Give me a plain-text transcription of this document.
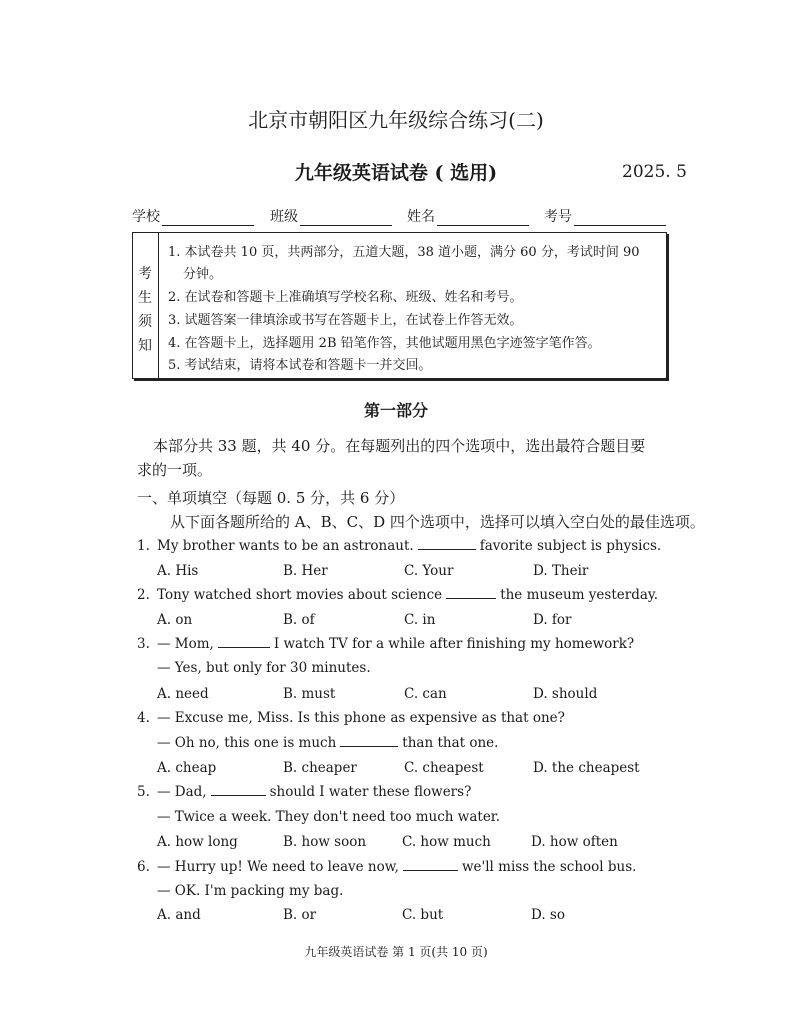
北京市朝阳区九年级综合练习(二)
九年级英语试卷 ( 选用)	2025. 5
学校	班级	姓名	考号
考
生
须
知
1. 本试卷共 10 页，共两部分，五道大题，38 道小题，满分 60 分，考试时间 90
分钟。
2. 在试卷和答题卡上准确填写学校名称、班级、姓名和考号。
3. 试题答案一律填涂或书写在答题卡上，在试卷上作答无效。
4. 在答题卡上，选择题用 2B 铅笔作答，其他试题用黑色字迹签字笔作答。
5. 考试结束，请将本试卷和答题卡一并交回。
第一部分
本部分共 33 题，共 40 分。在每题列出的四个选项中，选出最符合题目要
求的一项。
一、单项填空（每题 0. 5 分，共 6 分）
从下面各题所给的 A、B、C、D 四个选项中，选择可以填入空白处的最佳选项。
1. My brother wants to be an astronaut.	favorite subject is physics.
A. His	B. Her	C. Your	D. Their
2. Tony watched short movies about science	the museum yesterday.
A. on	B. of	C. in	D. for
3. — Mom,	I watch TV for a while after finishing my homework?
— Yes, but only for 30 minutes.
A. need	B. must	C. can	D. should
4. — Excuse me, Miss. Is this phone as expensive as that one?
— Oh no, this one is much	than that one.
A. cheap	B. cheaper	C. cheapest	D. the cheapest
5. — Dad,	should I water these flowers?
— Twice a week. They don't need too much water.
A. how long	B. how soon	C. how much	D. how often
6. — Hurry up! We need to leave now,	we'll miss the school bus.
— OK. I'm packing my bag.
A. and	B. or	C. but	D. so
九年级英语试卷 第 1 页(共 10 页)
